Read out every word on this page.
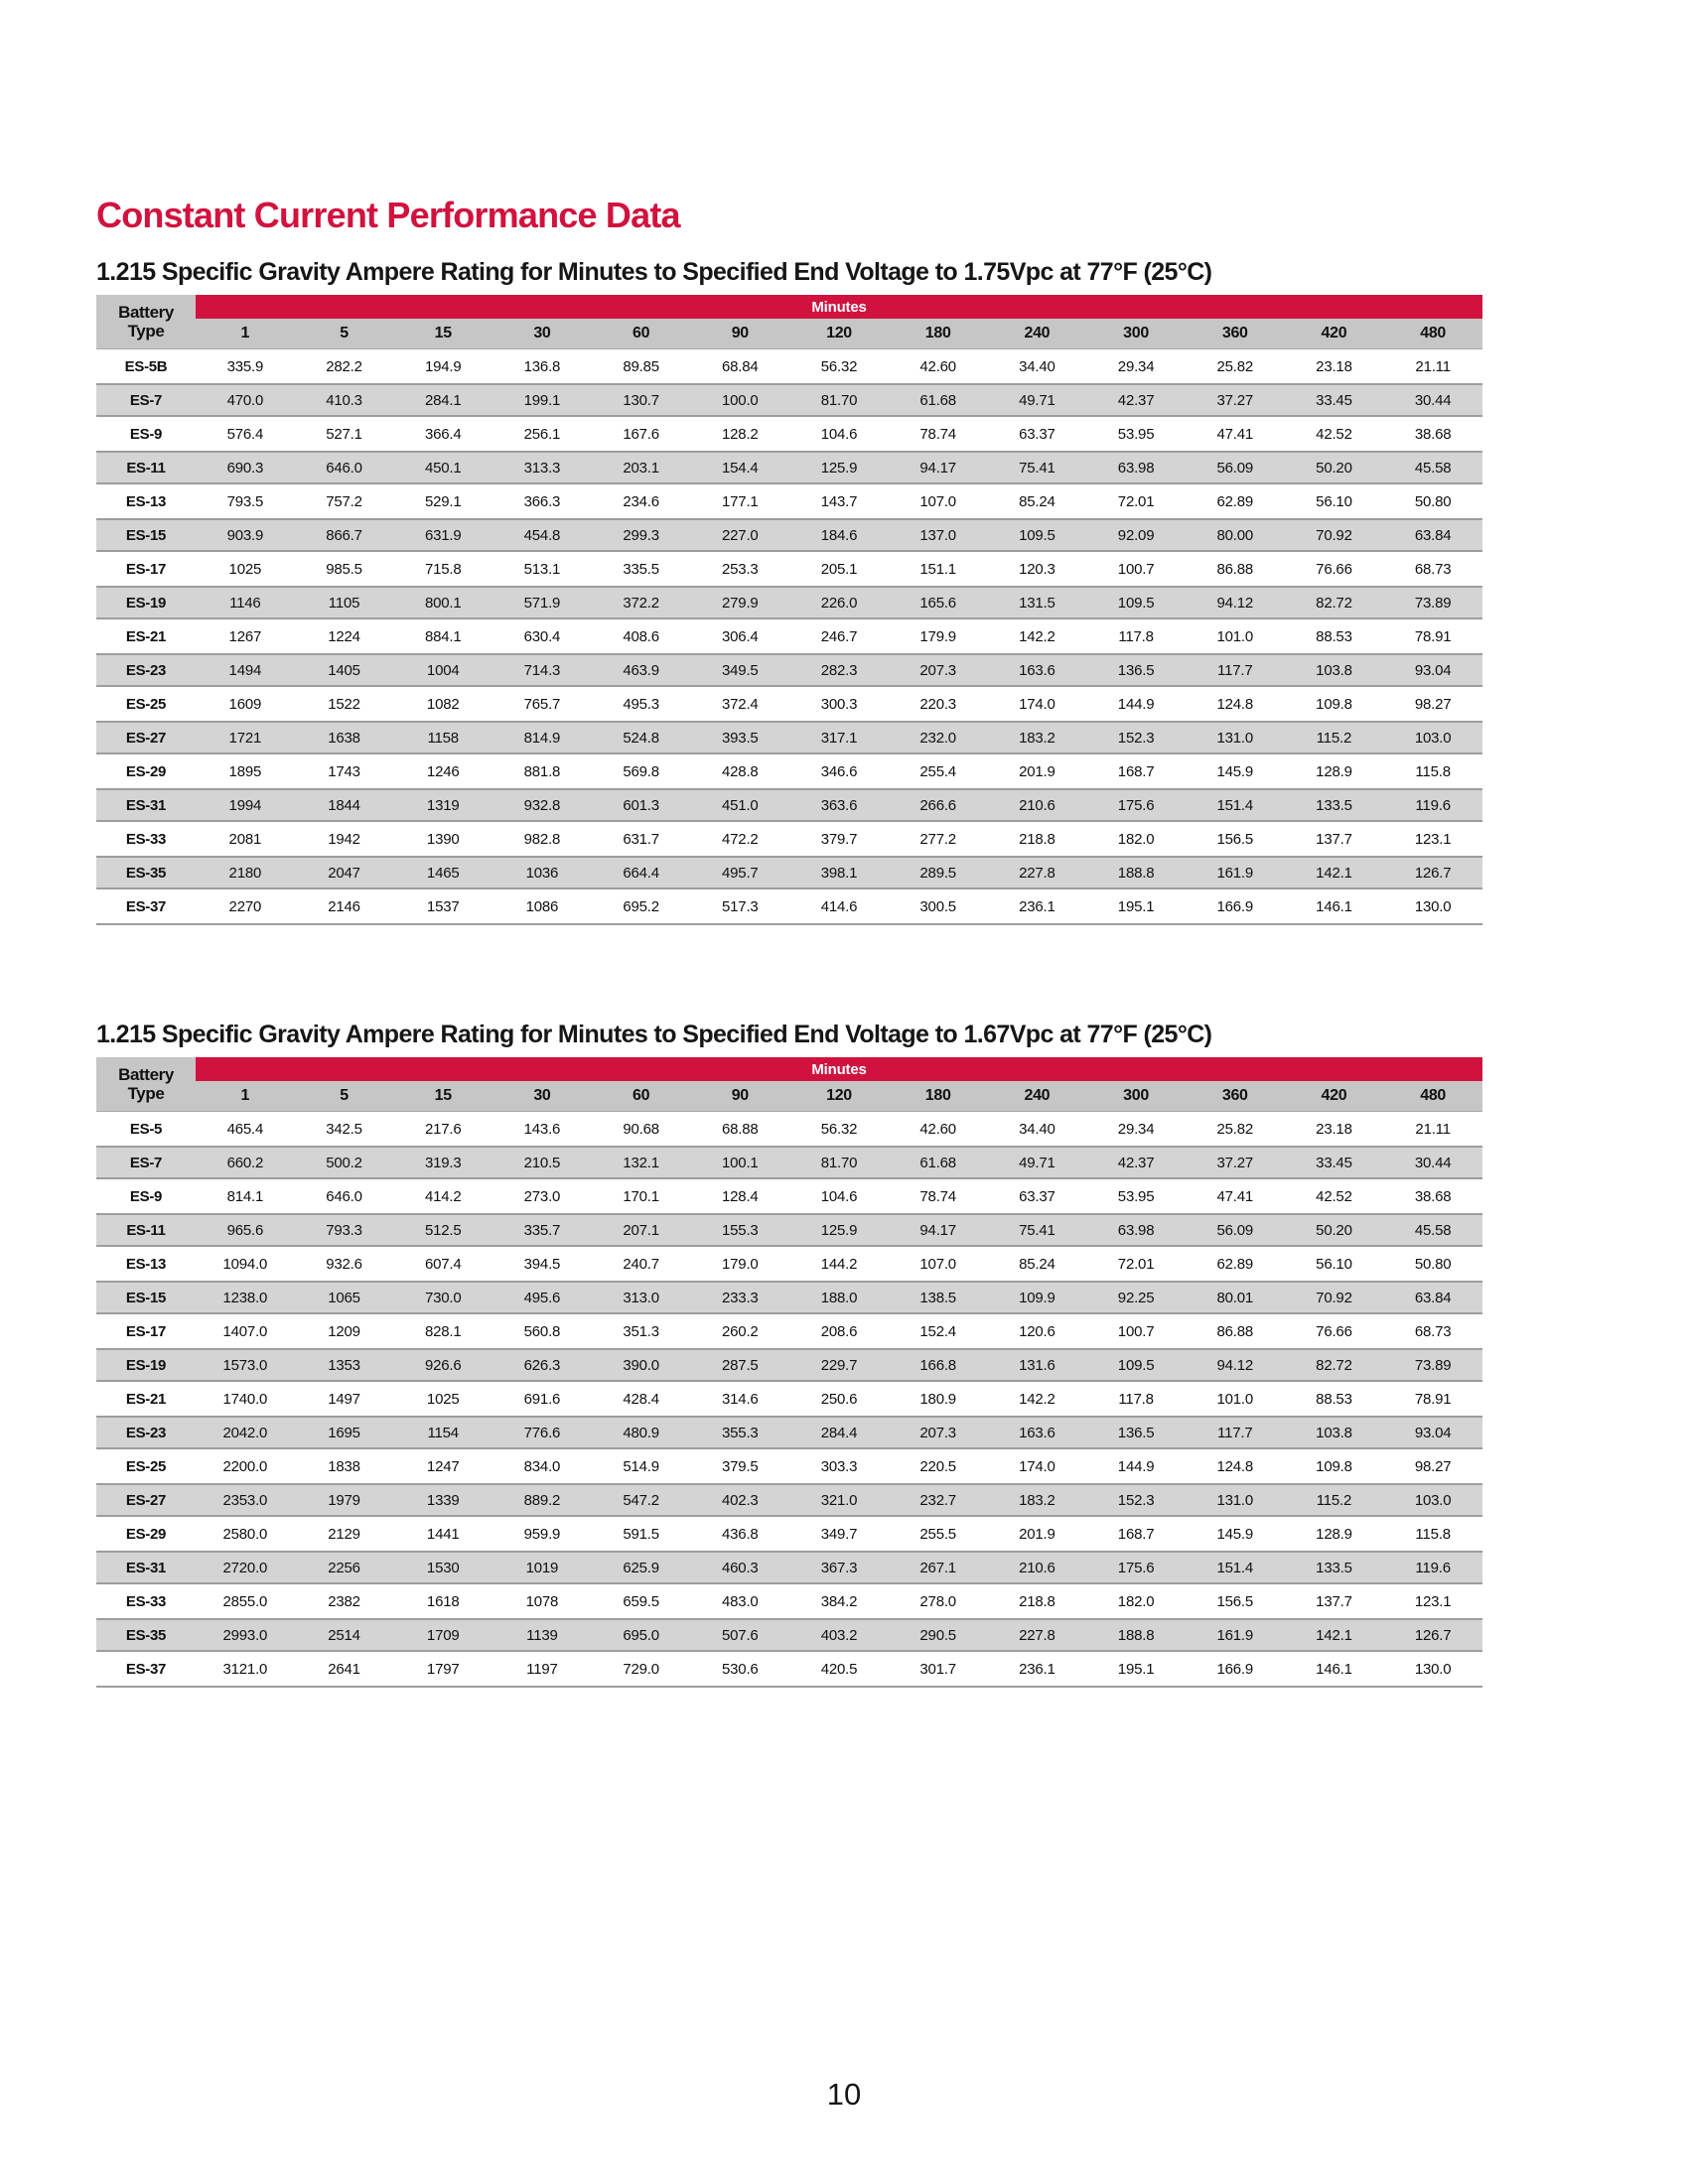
Constant Current Performance Data
1.215 Specific Gravity Ampere Rating for Minutes to Specified End Voltage to 1.75Vpc at 77°F (25°C)
Battery
Type
Minutes
1	5	15	30	60	90	120	180	240	300	360	420	480
ES-5B	335.9	282.2	194.9	136.8	89.85	68.84	56.32	42.60	34.40	29.34	25.82	23.18	21.11
ES-7	470.0	410.3	284.1	199.1	130.7	100.0	81.70	61.68	49.71	42.37	37.27	33.45	30.44
ES-9	576.4	527.1	366.4	256.1	167.6	128.2	104.6	78.74	63.37	53.95	47.41	42.52	38.68
ES-11	690.3	646.0	450.1	313.3	203.1	154.4	125.9	94.17	75.41	63.98	56.09	50.20	45.58
ES-13	793.5	757.2	529.1	366.3	234.6	177.1	143.7	107.0	85.24	72.01	62.89	56.10	50.80
ES-15	903.9	866.7	631.9	454.8	299.3	227.0	184.6	137.0	109.5	92.09	80.00	70.92	63.84
ES-17	1025	985.5	715.8	513.1	335.5	253.3	205.1	151.1	120.3	100.7	86.88	76.66	68.73
ES-19	1146	1105	800.1	571.9	372.2	279.9	226.0	165.6	131.5	109.5	94.12	82.72	73.89
ES-21	1267	1224	884.1	630.4	408.6	306.4	246.7	179.9	142.2	117.8	101.0	88.53	78.91
ES-23	1494	1405	1004	714.3	463.9	349.5	282.3	207.3	163.6	136.5	117.7	103.8	93.04
ES-25	1609	1522	1082	765.7	495.3	372.4	300.3	220.3	174.0	144.9	124.8	109.8	98.27
ES-27	1721	1638	1158	814.9	524.8	393.5	317.1	232.0	183.2	152.3	131.0	115.2	103.0
ES-29	1895	1743	1246	881.8	569.8	428.8	346.6	255.4	201.9	168.7	145.9	128.9	115.8
ES-31	1994	1844	1319	932.8	601.3	451.0	363.6	266.6	210.6	175.6	151.4	133.5	119.6
ES-33	2081	1942	1390	982.8	631.7	472.2	379.7	277.2	218.8	182.0	156.5	137.7	123.1
ES-35	2180	2047	1465	1036	664.4	495.7	398.1	289.5	227.8	188.8	161.9	142.1	126.7
ES-37	2270	2146	1537	1086	695.2	517.3	414.6	300.5	236.1	195.1	166.9	146.1	130.0
1.215 Specific Gravity Ampere Rating for Minutes to Specified End Voltage to 1.67Vpc at 77°F (25°C)
Battery
Type
Minutes
1	5	15	30	60	90	120	180	240	300	360	420	480
ES-5	465.4	342.5	217.6	143.6	90.68	68.88	56.32	42.60	34.40	29.34	25.82	23.18	21.11
ES-7	660.2	500.2	319.3	210.5	132.1	100.1	81.70	61.68	49.71	42.37	37.27	33.45	30.44
ES-9	814.1	646.0	414.2	273.0	170.1	128.4	104.6	78.74	63.37	53.95	47.41	42.52	38.68
ES-11	965.6	793.3	512.5	335.7	207.1	155.3	125.9	94.17	75.41	63.98	56.09	50.20	45.58
ES-13	1094.0	932.6	607.4	394.5	240.7	179.0	144.2	107.0	85.24	72.01	62.89	56.10	50.80
ES-15	1238.0	1065	730.0	495.6	313.0	233.3	188.0	138.5	109.9	92.25	80.01	70.92	63.84
ES-17	1407.0	1209	828.1	560.8	351.3	260.2	208.6	152.4	120.6	100.7	86.88	76.66	68.73
ES-19	1573.0	1353	926.6	626.3	390.0	287.5	229.7	166.8	131.6	109.5	94.12	82.72	73.89
ES-21	1740.0	1497	1025	691.6	428.4	314.6	250.6	180.9	142.2	117.8	101.0	88.53	78.91
ES-23	2042.0	1695	1154	776.6	480.9	355.3	284.4	207.3	163.6	136.5	117.7	103.8	93.04
ES-25	2200.0	1838	1247	834.0	514.9	379.5	303.3	220.5	174.0	144.9	124.8	109.8	98.27
ES-27	2353.0	1979	1339	889.2	547.2	402.3	321.0	232.7	183.2	152.3	131.0	115.2	103.0
ES-29	2580.0	2129	1441	959.9	591.5	436.8	349.7	255.5	201.9	168.7	145.9	128.9	115.8
ES-31	2720.0	2256	1530	1019	625.9	460.3	367.3	267.1	210.6	175.6	151.4	133.5	119.6
ES-33	2855.0	2382	1618	1078	659.5	483.0	384.2	278.0	218.8	182.0	156.5	137.7	123.1
ES-35	2993.0	2514	1709	1139	695.0	507.6	403.2	290.5	227.8	188.8	161.9	142.1	126.7
ES-37	3121.0	2641	1797	1197	729.0	530.6	420.5	301.7	236.1	195.1	166.9	146.1	130.0
10
